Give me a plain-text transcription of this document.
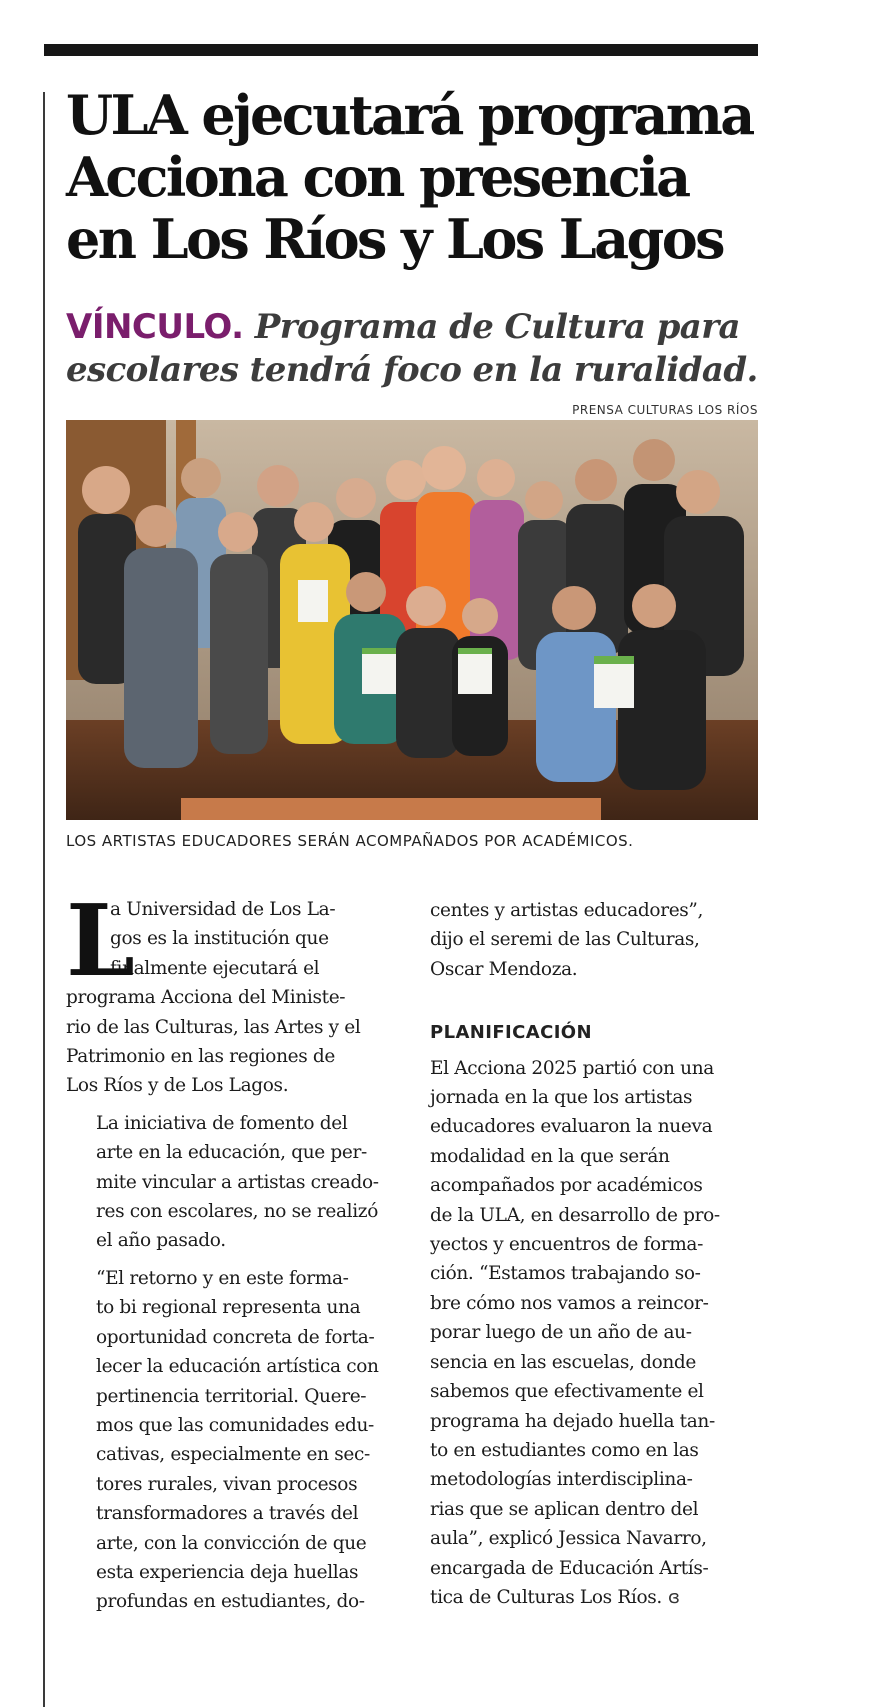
ULA ejecutará programa
Acciona con presencia
en Los Ríos y Los Lagos

VÍNCULO. Programa de Cultura para
escolares tendrá foco en la ruralidad.

PRENSA CULTURAS LOS RÍOS

LOS ARTISTAS EDUCADORES SERÁN ACOMPAÑADOS POR ACADÉMICOS.

L
a Universidad de Los La-
gos es la institución que
finalmente ejecutará el
programa Acciona del Ministe-
rio de las Culturas, las Artes y el
Patrimonio en las regiones de
Los Ríos y de Los Lagos.

La iniciativa de fomento del
arte en la educación, que per-
mite vincular a artistas creado-
res con escolares, no se realizó
el año pasado.

“El retorno y en este forma-
to bi regional representa una
oportunidad concreta de forta-
lecer la educación artística con
pertinencia territorial. Quere-
mos que las comunidades edu-
cativas, especialmente en sec-
tores rurales, vivan procesos
transformadores a través del
arte, con la convicción de que
esta experiencia deja huellas
profundas en estudiantes, do-

centes y artistas educadores”,
dijo el seremi de las Culturas,
Oscar Mendoza.

PLANIFICACIÓN

El Acciona 2025 partió con una
jornada en la que los artistas
educadores evaluaron la nueva
modalidad en la que serán
acompañados por académicos
de la ULA, en desarrollo de pro-
yectos y encuentros de forma-
ción. “Estamos trabajando so-
bre cómo nos vamos a reincor-
porar luego de un año de au-
sencia en las escuelas, donde
sabemos que efectivamente el
programa ha dejado huella tan-
to en estudiantes como en las
metodologías interdisciplina-
rias que se aplican dentro del
aula”, explicó Jessica Navarro,
encargada de Educación Artís-
tica de Culturas Los Ríos. ɞ
